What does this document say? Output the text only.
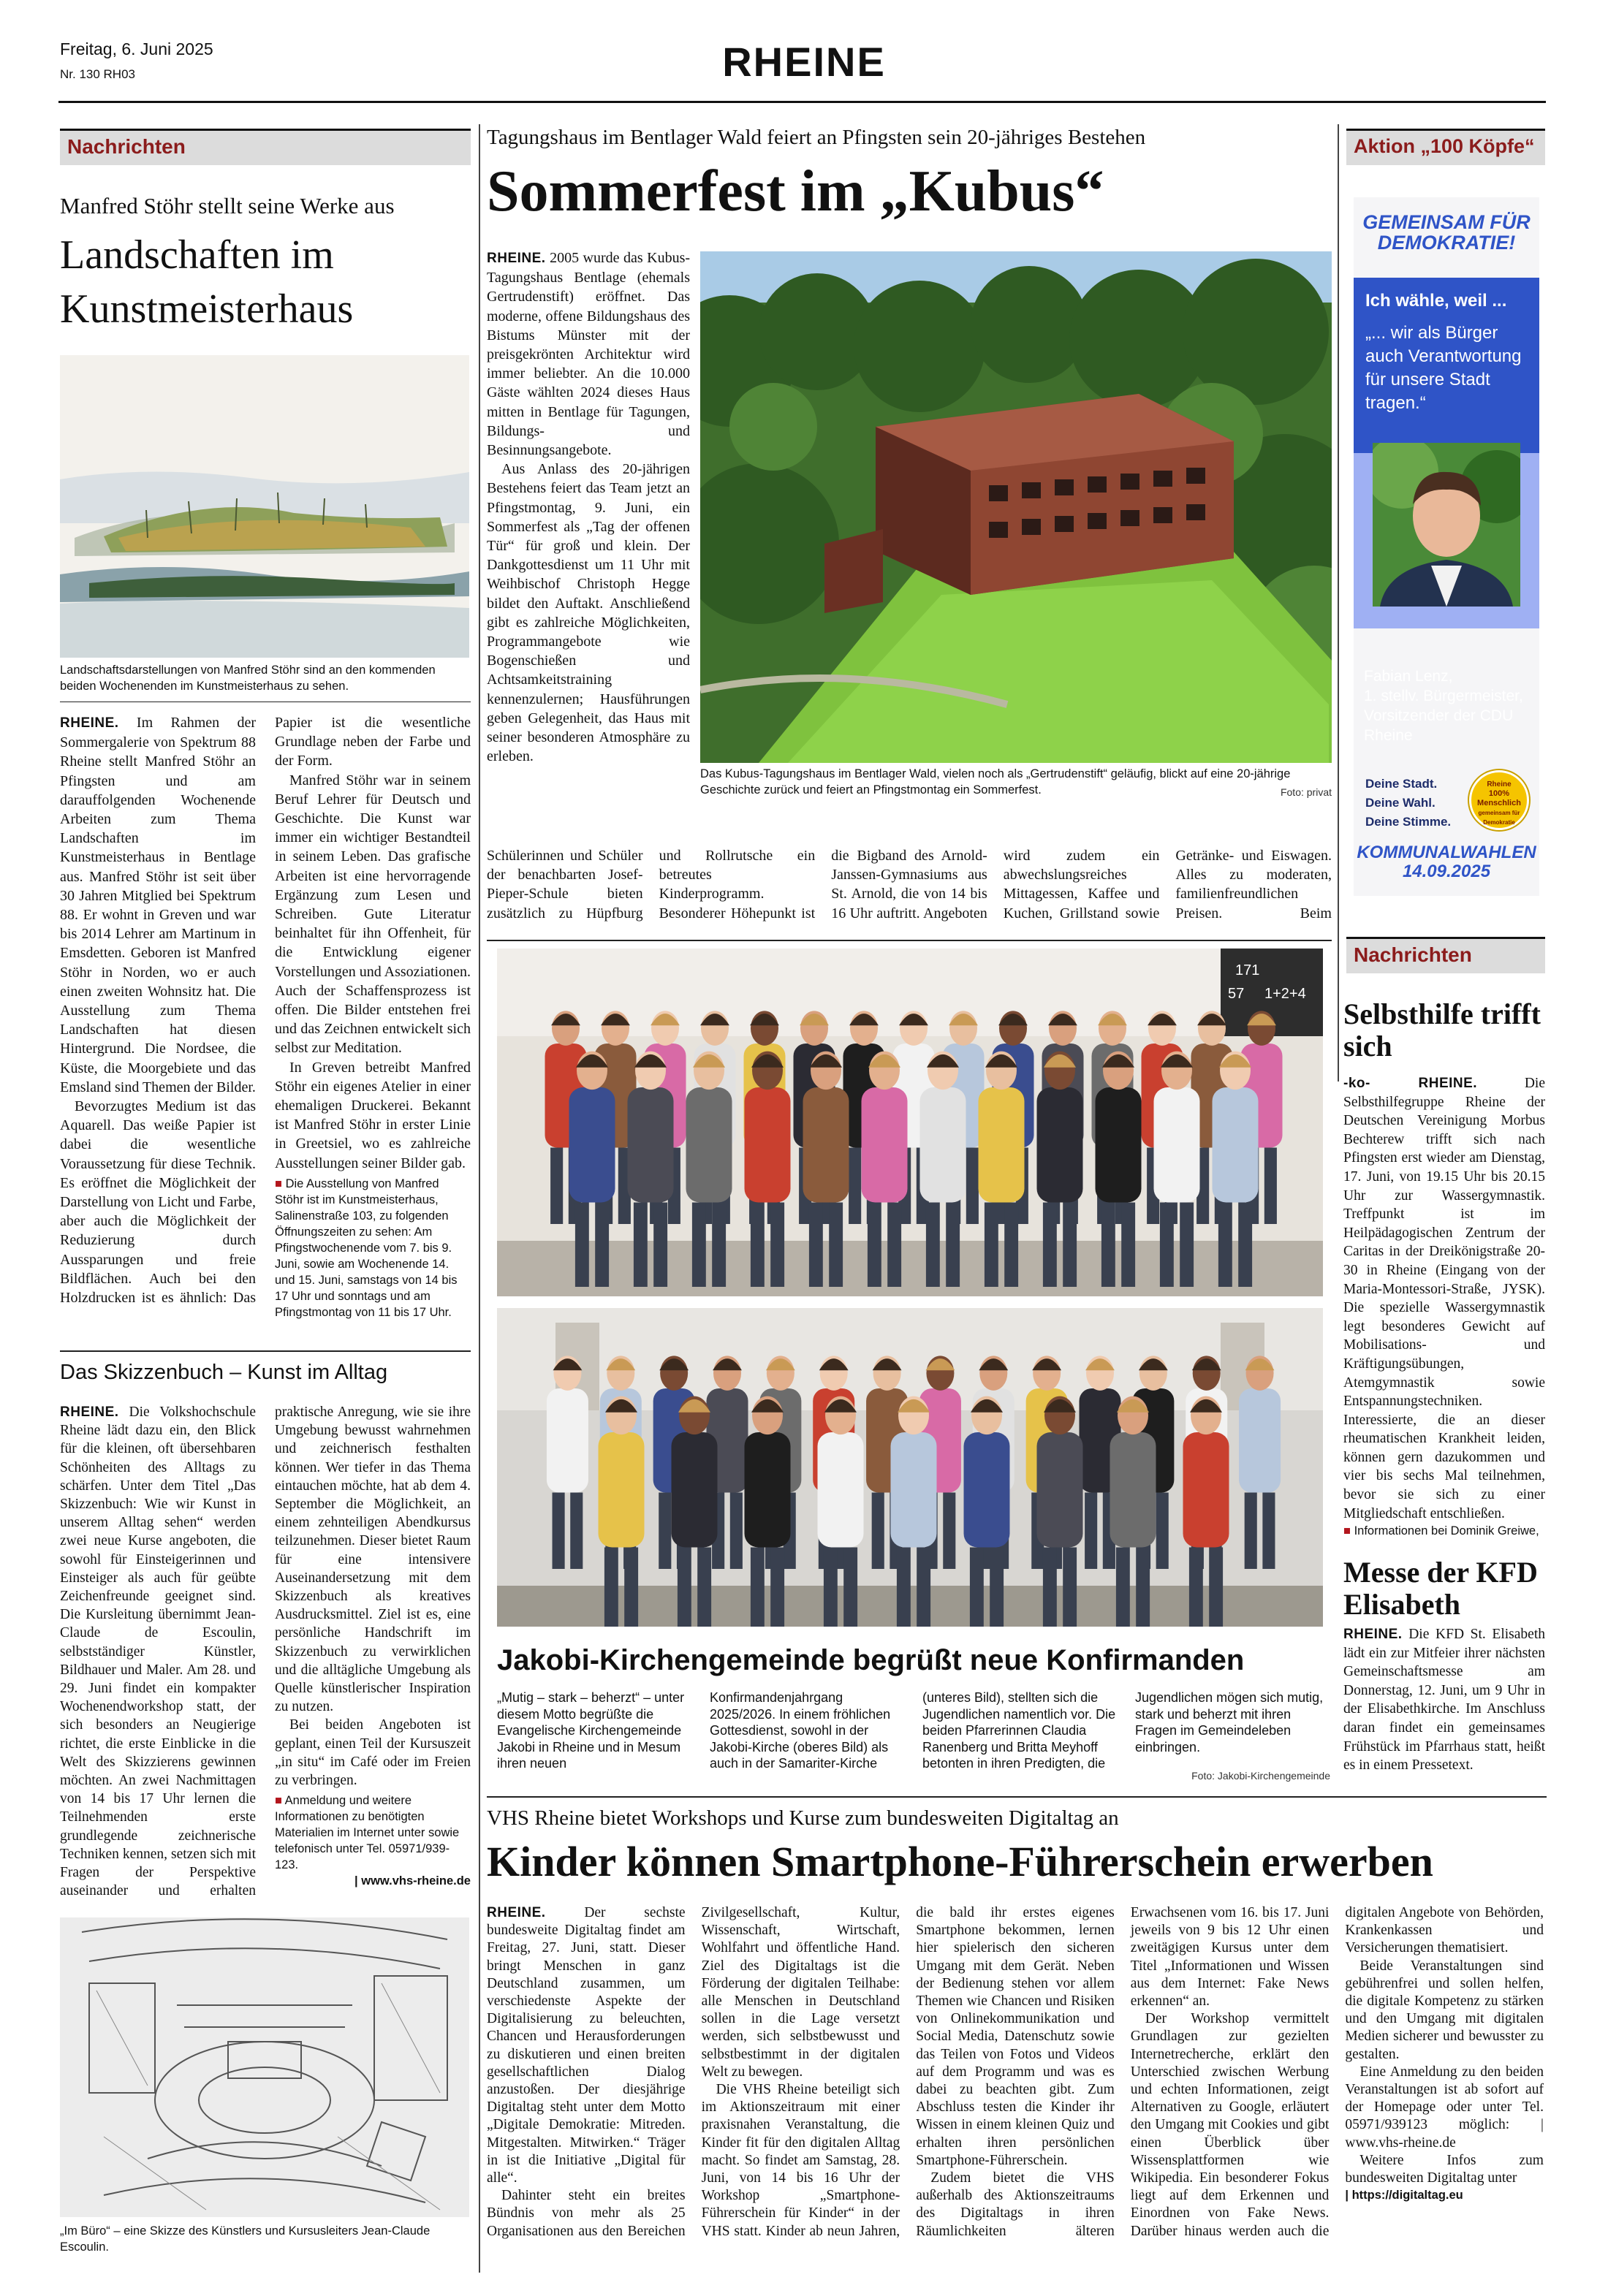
Freitag, 6. Juni 2025
Nr. 130 RH03	RHEINE
Nachrichten
Manfred Stöhr stellt seine Werke aus
Landschaften im Kunstmeisterhaus
Landschaftsdarstellungen von Manfred Stöhr sind an den kommenden beiden Wochenenden im Kunstmeisterhaus zu sehen.

RHEINE. Im Rahmen der Sommergalerie von Spektrum 88 Rheine stellt Manfred Stöhr an Pfingsten und am darauffolgenden Wochenende Arbeiten zum Thema Landschaften im Kunstmeisterhaus in Bentlage aus. Manfred Stöhr ist seit über 30 Jahren Mitglied bei Spektrum 88. Er wohnt in Greven und war bis 2014 Lehrer am Martinum in Emsdetten. Geboren ist Manfred Stöhr in Norden, wo er auch einen zweiten Wohnsitz hat. Die Ausstellung zum Thema Landschaften hat diesen Hintergrund. Die Nordsee, die Küste, die Moorgebiete und das Emsland sind Themen der Bilder.

Bevorzugtes Medium ist das Aquarell. Das weiße Papier ist dabei die wesentliche Voraussetzung für diese Technik. Es eröffnet die Möglichkeit der Darstellung von Licht und Farbe, aber auch die Möglichkeit der Reduzierung durch Aussparungen und freie Bildflächen. Auch bei den Holzdrucken ist es ähnlich: Das Papier ist die wesentliche Grundlage neben der Farbe und der Form.

Manfred Stöhr war in seinem Beruf Lehrer für Deutsch und Geschichte. Die Kunst war immer ein wichtiger Bestandteil in seinem Leben. Das grafische Arbeiten ist eine hervorragende Ergänzung zum Lesen und Schreiben. Gute Literatur beinhaltet für ihn Offenheit, für die Entwicklung eigener Vorstellungen und Assoziationen. Auch der Schaffensprozess ist offen. Die Bilder entstehen frei und das Zeichnen entwickelt sich selbst zur Meditation.

In Greven betreibt Manfred Stöhr ein eigenes Atelier in einer ehemaligen Druckerei. Bekannt ist Manfred Stöhr in erster Linie in Greetsiel, wo es zahlreiche Ausstellungen seiner Bilder gab.

■ Die Ausstellung von Manfred Stöhr ist im Kunstmeisterhaus, Salinenstraße 103, zu folgenden Öffnungszeiten zu sehen: Am Pfingstwochenende vom 7. bis 9. Juni, sowie am Wochenende 14. und 15. Juni, samstags von 14 bis 17 Uhr und sonntags und am Pfingstmontag von 11 bis 17 Uhr.

Das Skizzenbuch – Kunst im Alltag

RHEINE. Die Volkshochschule Rheine lädt dazu ein, den Blick für die kleinen, oft übersehbaren Schönheiten des Alltags zu schärfen. Unter dem Titel „Das Skizzenbuch: Wie wir Kunst in unserem Alltag sehen“ werden zwei neue Kurse angeboten, die sowohl für Einsteigerinnen und Einsteiger als auch für geübte Zeichenfreunde geeignet sind. Die Kursleitung übernimmt Jean-Claude de Escoulin, selbstständiger Künstler, Bildhauer und Maler. Am 28. und 29. Juni findet ein kompakter Wochenendworkshop statt, der sich besonders an Neugierige richtet, die erste Einblicke in die Welt des Skizzierens gewinnen möchten. An zwei Nachmittagen von 14 bis 17 Uhr lernen die Teilnehmenden erste grundlegende zeichnerische Techniken kennen, setzen sich mit Fragen der Perspektive auseinander und erhalten praktische Anregung, wie sie ihre Umgebung bewusst wahrnehmen und zeichnerisch festhalten können. Wer tiefer in das Thema eintauchen möchte, hat ab dem 4. September die Möglichkeit, an einem zehnteiligen Abendkursus teilzunehmen. Dieser bietet Raum für eine intensivere Auseinandersetzung mit dem Skizzenbuch als kreatives Ausdrucksmittel. Ziel ist es, eine persönliche Handschrift im Skizzenbuch zu verwirklichen und die alltägliche Umgebung als Quelle künstlerischer Inspiration zu nutzen.

Bei beiden Angeboten ist geplant, einen Teil der Kursuszeit „in situ“ im Café oder im Freien zu verbringen.

■ Anmeldung und weitere Informationen zu benötigten Materialien im Internet unter sowie telefonisch unter Tel. 05971/939-123.

| www.vhs-rheine.de

„Im Büro“ – eine Skizze des Künstlers und Kursusleiters Jean-Claude Escoulin.
Tagungshaus im Bentlager Wald feiert an Pfingsten sein 20-jähriges Bestehen
Sommerfest im „Kubus“

RHEINE. 2005 wurde das Kubus-Tagungshaus Bentlage (ehemals Gertrudenstift) eröffnet. Das moderne, offene Bildungshaus des Bistums Münster mit der preisgekrönten Architektur wird immer beliebter. An die 10.000 Gäste wählten 2024 dieses Haus mitten in Bentlage für Tagungen, Bildungs- und Besinnungsangebote.

Aus Anlass des 20-jährigen Bestehens feiert das Team jetzt an Pfingstmontag, 9. Juni, ein Sommerfest als „Tag der offenen Tür“ für groß und klein. Der Dankgottesdienst um 11 Uhr mit Weihbischof Christoph Hegge bildet den Auftakt. Anschließend gibt es zahlreiche Möglichkeiten, Programmangebote wie Bogenschießen und Achtsamkeitstraining kennenzulernen; Hausführungen geben Gelegenheit, das Haus mit seiner besonderen Atmosphäre zu erleben.

Das Kubus-Tagungshaus im Bentlager Wald, vielen noch als „Gertrudenstift“ geläufig, blickt auf eine 20-jährige Geschichte zurück und feiert an Pfingstmontag ein Sommerfest.	Foto: privat

Schülerinnen und Schüler der benachbarten Josef-Pieper-Schule bieten zusätzlich zu Hüpfburg und Rollrutsche ein betreutes Kinderprogramm. Besonderer Höhepunkt ist die Bigband des Arnold-Janssen-Gymnasiums aus St. Arnold, die von 14 bis 16 Uhr auftritt. Angeboten wird zudem ein abwechslungsreiches Mittagessen, Kaffee und Kuchen, Grillstand sowie Getränke- und Eiswagen. Alles zu moderaten, familienfreundlichen Preisen. Beim

171
57 1+2+4
Jakobi-Kirchengemeinde begrüßt neue Konfirmanden
„Mutig – stark – beherzt“ – unter diesem Motto begrüßte die Evangelische Kirchengemeinde Jakobi in Rheine und in Mesum ihren neuen Konfirmandenjahrgang 2025/2026. In einem fröhlichen Gottesdienst, sowohl in der Jakobi-Kirche (oberes Bild) als auch in der Samariter-Kirche (unteres Bild), stellten sich die Jugendlichen namentlich vor. Die beiden Pfarrerinnen Claudia Ranenberg und Britta Meyhoff betonten in ihren Predigten, die Jugendlichen mögen sich mutig, stark und beherzt mit ihren Fragen im Gemeindeleben einbringen.
Foto: Jakobi-Kirchengemeinde
VHS Rheine bietet Workshops und Kurse zum bundesweiten Digitaltag an
Kinder können Smartphone-Führerschein erwerben

RHEINE.	Der sechste bundesweite Digitaltag findet am Freitag, 27. Juni, statt. Dieser bringt Menschen in ganz Deutschland zusammen, um verschiedenste Aspekte der Digitalisierung zu beleuchten, Chancen und Herausforderungen zu diskutieren und einen breiten gesellschaftlichen Dialog anzustoßen. Der diesjährige Digitaltag steht unter dem Motto „Digitale Demokratie: Mitreden. Mitgestalten. Mitwirken.“ Träger in ist die Initiative „Digital für alle“.

Dahinter steht ein breites Bündnis von mehr als 25 Organisationen aus den Bereichen Zivilgesellschaft, Kultur, Wissenschaft, Wirtschaft, Wohlfahrt und öffentliche Hand. Ziel des Digitaltags ist die Förderung der digitalen Teilhabe: alle Menschen in Deutschland sollen in die Lage versetzt werden, sich selbstbewusst und selbstbestimmt in der digitalen Welt zu bewegen.

Die VHS Rheine beteiligt sich im Aktionszeitraum mit einer praxisnahen Veranstaltung, die Kinder fit für den digitalen Alltag macht. So findet am Samstag, 28. Juni, von 14 bis 16 Uhr der Workshop „Smartphone-Führerschein für Kinder“ in der VHS statt. Kinder ab neun Jahren, die bald ihr erstes eigenes Smartphone bekommen, lernen hier spielerisch den sicheren Umgang mit dem Gerät. Neben der Bedienung stehen vor allem Themen wie Chancen und Risiken von Onlinekommunikation und Social Media, Datenschutz sowie das Teilen von Fotos und Videos auf dem Programm und was es dabei zu beachten gibt. Zum Abschluss testen die Kinder ihr Wissen in einem kleinen Quiz und erhalten ihren persönlichen Smartphone-Führerschein.

Zudem bietet die VHS außerhalb des Aktionszeitraums des Digitaltags in ihren Räumlichkeiten älteren Erwachsenen vom 16. bis 17. Juni jeweils von 9 bis 12 Uhr einen zweitägigen Kursus unter dem Titel „Informationen und Wissen aus dem Internet: Fake News erkennen“ an.

Der Workshop vermittelt Grundlagen zur gezielten Internetrecherche, erklärt den Unterschied zwischen Werbung und echten Informationen, zeigt Alternativen zu Google, erläutert den Umgang mit Cookies und gibt einen Überblick über Wissensplattformen wie Wikipedia. Ein besonderer Fokus liegt auf dem Erkennen und Einordnen von Fake News. Darüber hinaus werden auch die digitalen Angebote von Behörden, Krankenkassen und Versicherungen thematisiert.

Beide Veranstaltungen sind gebührenfrei und sollen helfen, die digitale Kompetenz zu stärken und den Umgang mit digitalen Medien sicherer und bewusster zu gestalten.

Eine Anmeldung zu den beiden Veranstaltungen ist ab sofort auf der Homepage oder unter Tel. 05971/939123 möglich: | www.vhs-rheine.de

Weitere Infos zum bundesweiten Digitaltag unter

| https://digitaltag.eu

Aktion „100 Köpfe“
GEMEINSAM FÜR
DEMOKRATIE!
Ich wähle, weil ...
„... wir als Bürger auch Verantwortung für unsere Stadt tragen.“
Fabian Lenz,
1. stellv. Bürgermeister, Vorsitzender der CDU Rheine
Deine Stadt.
Deine Wahl.
Deine Stimme.
Rheine
100% Menschlich
gemeinsam für Demokratie
KOMMUNALWAHLEN
14.09.2025
Nachrichten
Selbsthilfe trifft sich

-ko- RHEINE.	Die Selbsthilfegruppe Rheine der Deutschen Vereinigung Morbus Bechterew trifft sich nach Pfingsten erst wieder am Dienstag, 17. Juni, von 19.15 Uhr bis 20.15 Uhr zur Wassergymnastik. Treffpunkt ist im Heilpädagogischen Zentrum der Caritas in der Dreikönigstraße 20-30 in Rheine (Eingang von der Maria-Montessori-Straße, JYSK). Die spezielle Wassergymnastik legt besonderes Gewicht auf Mobilisations- und Kräftigungsübungen, Atemgymnastik sowie Entspannungstechniken. Interessierte, die an dieser rheumatischen Krankheit leiden, können gern dazukommen und vier bis sechs Mal teilnehmen, bevor sie sich zu einer Mitgliedschaft entschließen.

■ Informationen bei Dominik Greiwe,

Messe der KFD Elisabeth

RHEINE. Die KFD St. Elisabeth lädt ein zur Mitfeier ihrer nächsten Gemeinschaftsmesse am Donnerstag, 12. Juni, um 9 Uhr in der Elisabethkirche. Im Anschluss daran findet ein gemeinsames Frühstück im Pfarrhaus statt, heißt es in einem Pressetext.
